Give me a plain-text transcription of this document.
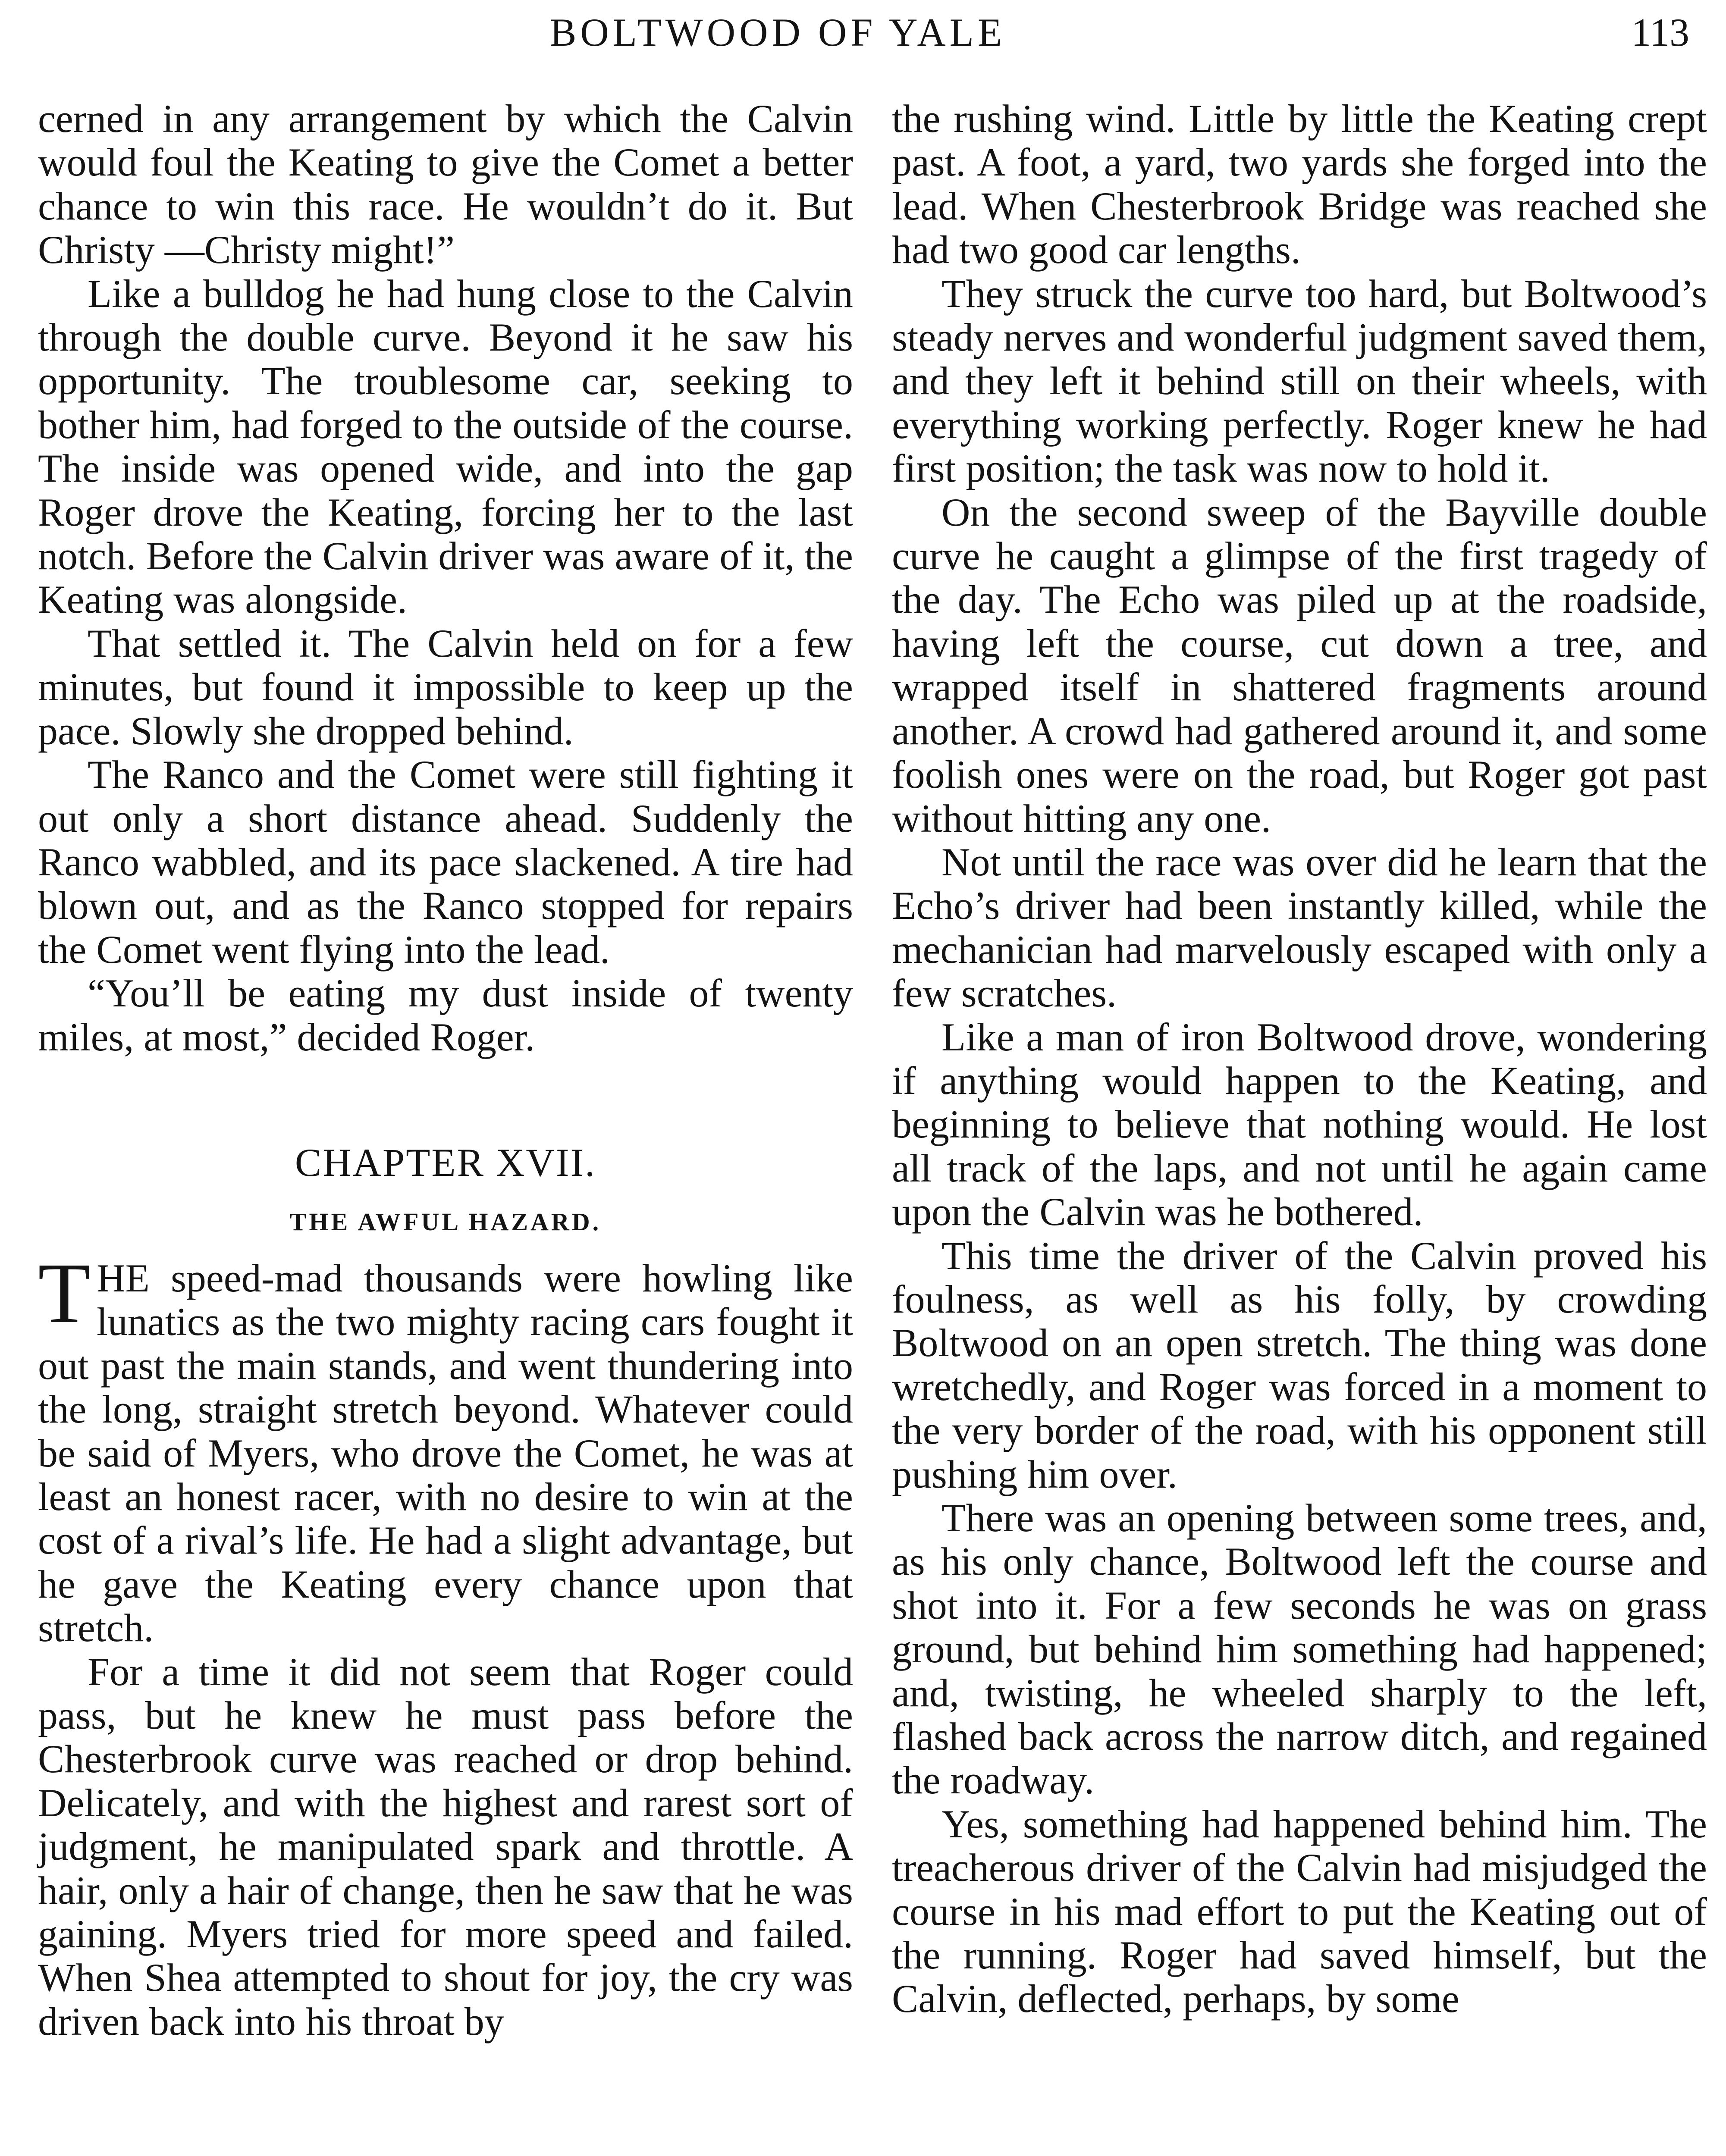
BOLTWOOD OF YALE	113

cerned in any arrangement by which the Calvin would foul the Keating to give the Comet a better chance to win this race. He wouldn’t do it. But Christy —Christy might!”

Like a bulldog he had hung close to the Calvin through the double curve. Beyond it he saw his opportunity. The troublesome car, seeking to bother him, had forged to the outside of the course. The inside was opened wide, and into the gap Roger drove the Keating, forcing her to the last notch. Before the Calvin driver was aware of it, the Keating was alongside.

That settled it. The Calvin held on for a few minutes, but found it impossible to keep up the pace. Slowly she dropped behind.

The Ranco and the Comet were still fighting it out only a short distance ahead. Suddenly the Ranco wabbled, and its pace slackened. A tire had blown out, and as the Ranco stopped for repairs the Comet went flying into the lead.

“You’ll be eating my dust inside of twenty miles, at most,” decided Roger.

CHAPTER XVII.

THE AWFUL HAZARD.

THE speed-mad thousands were howling like lunatics as the two mighty racing cars fought it out past the main stands, and went thundering into the long, straight stretch beyond. Whatever could be said of Myers, who drove the Comet, he was at least an honest racer, with no desire to win at the cost of a rival’s life. He had a slight advantage, but he gave the Keating every chance upon that stretch.

For a time it did not seem that Roger could pass, but he knew he must pass before the Chesterbrook curve was reached or drop behind. Delicately, and with the highest and rarest sort of judgment, he manipulated spark and throttle. A hair, only a hair of change, then he saw that he was gaining. Myers tried for more speed and failed. When Shea attempted to shout for joy, the cry was driven back into his throat by

the rushing wind. Little by little the Keating crept past. A foot, a yard, two yards she forged into the lead. When Chesterbrook Bridge was reached she had two good car lengths.

They struck the curve too hard, but Boltwood’s steady nerves and wonderful judgment saved them, and they left it behind still on their wheels, with everything working perfectly. Roger knew he had first position; the task was now to hold it.

On the second sweep of the Bayville double curve he caught a glimpse of the first tragedy of the day. The Echo was piled up at the roadside, having left the course, cut down a tree, and wrapped itself in shattered fragments around another. A crowd had gathered around it, and some foolish ones were on the road, but Roger got past without hitting any one.

Not until the race was over did he learn that the Echo’s driver had been instantly killed, while the mechanician had marvelously escaped with only a few scratches.

Like a man of iron Boltwood drove, wondering if anything would happen to the Keating, and beginning to believe that nothing would. He lost all track of the laps, and not until he again came upon the Calvin was he bothered.

This time the driver of the Calvin proved his foulness, as well as his folly, by crowding Boltwood on an open stretch. The thing was done wretchedly, and Roger was forced in a moment to the very border of the road, with his opponent still pushing him over.

There was an opening between some trees, and, as his only chance, Boltwood left the course and shot into it. For a few seconds he was on grass ground, but behind him something had happened; and, twisting, he wheeled sharply to the left, flashed back across the narrow ditch, and regained the roadway.

Yes, something had happened behind him. The treacherous driver of the Calvin had misjudged the course in his mad effort to put the Keating out of the running. Roger had saved himself, but the Calvin, deflected, perhaps, by some
